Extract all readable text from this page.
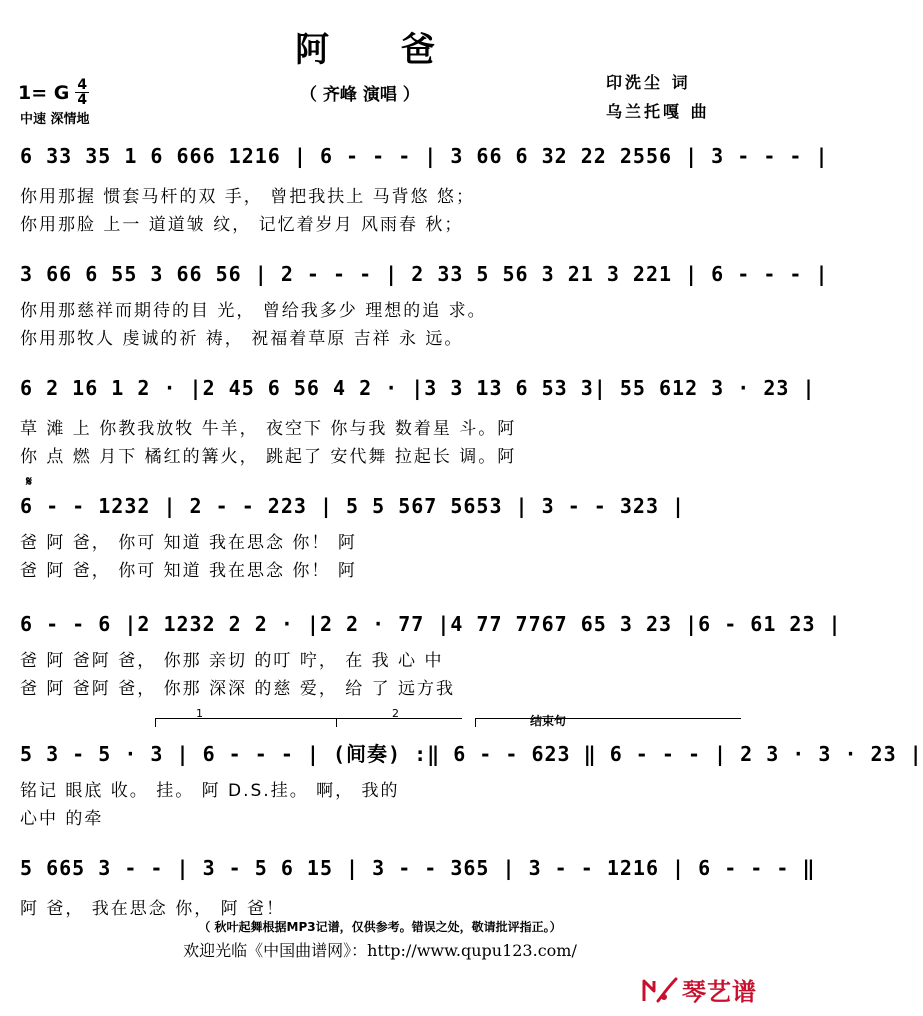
阿 爸
（ 齐峰 演唱 ）
1= G $\frac{4}{4}$
中速 深情地
印洗尘 词
乌兰托嘎 曲
6 33 35 1 6 666 1216 | 6 - - - | 3 66 6 32 22 2556 | 3 - - - |
你用那握 惯套马杆的双 手， 曾把我扶上 马背悠 悠；
你用那脸 上一 道道皱 纹， 记忆着岁月 风雨春 秋；
3 66 6 55 3 66 56 | 2 - - - | 2 33 5 56 3 21 3 221 | 6 - - - |
你用那慈祥而期待的目 光， 曾给我多少 理想的追 求。
你用那牧人 虔诚的祈 祷， 祝福着草原 吉祥 永 远。
6 2 16 1 2 · |2 45 6 56 4 2 · |3 3 13 6 53 3| 55 612 3 · 23 |
草 滩 上 你教我放牧 牛羊， 夜空下 你与我 数着星 斗。阿
你 点 燃 月下 橘红的篝火， 跳起了 安代舞 拉起长 调。阿
𝄋
6 - - 1232 | 2 - - 223 | 5 5 567 5653 | 3 - - 323 |
爸 阿 爸， 你可 知道 我在思念 你！ 阿
爸 阿 爸， 你可 知道 我在思念 你！ 阿
6 - - 6 |2 1232 2 2 · |2 2 · 77 |4 77 7767 65 3 23 |6 - 61 23 |
爸 阿 爸阿 爸， 你那 亲切 的叮 咛， 在 我 心 中
爸 阿 爸阿 爸， 你那 深深 的慈 爱， 给 了 远方我
1	2
结束句
5 3 - 5 · 3 | 6 - - - | (间奏) :‖ 6 - - 623 ‖ 6 - - - | 2 3 · 3 · 23 |
铭记 眼底 收。 挂。 阿 D.S.挂。 啊， 我的
心中 的牵
5 665 3 - - | 3 - 5 6 15 | 3 - - 365 | 3 - - 1216 | 6 - - - ‖
阿 爸， 我在思念 你， 阿 爸！
（ 秋叶起舞根据MP3记谱，仅供参考。错误之处，敬请批评指正。）
欢迎光临《中国曲谱网》：http://www.qupu123.com/
琴艺谱
